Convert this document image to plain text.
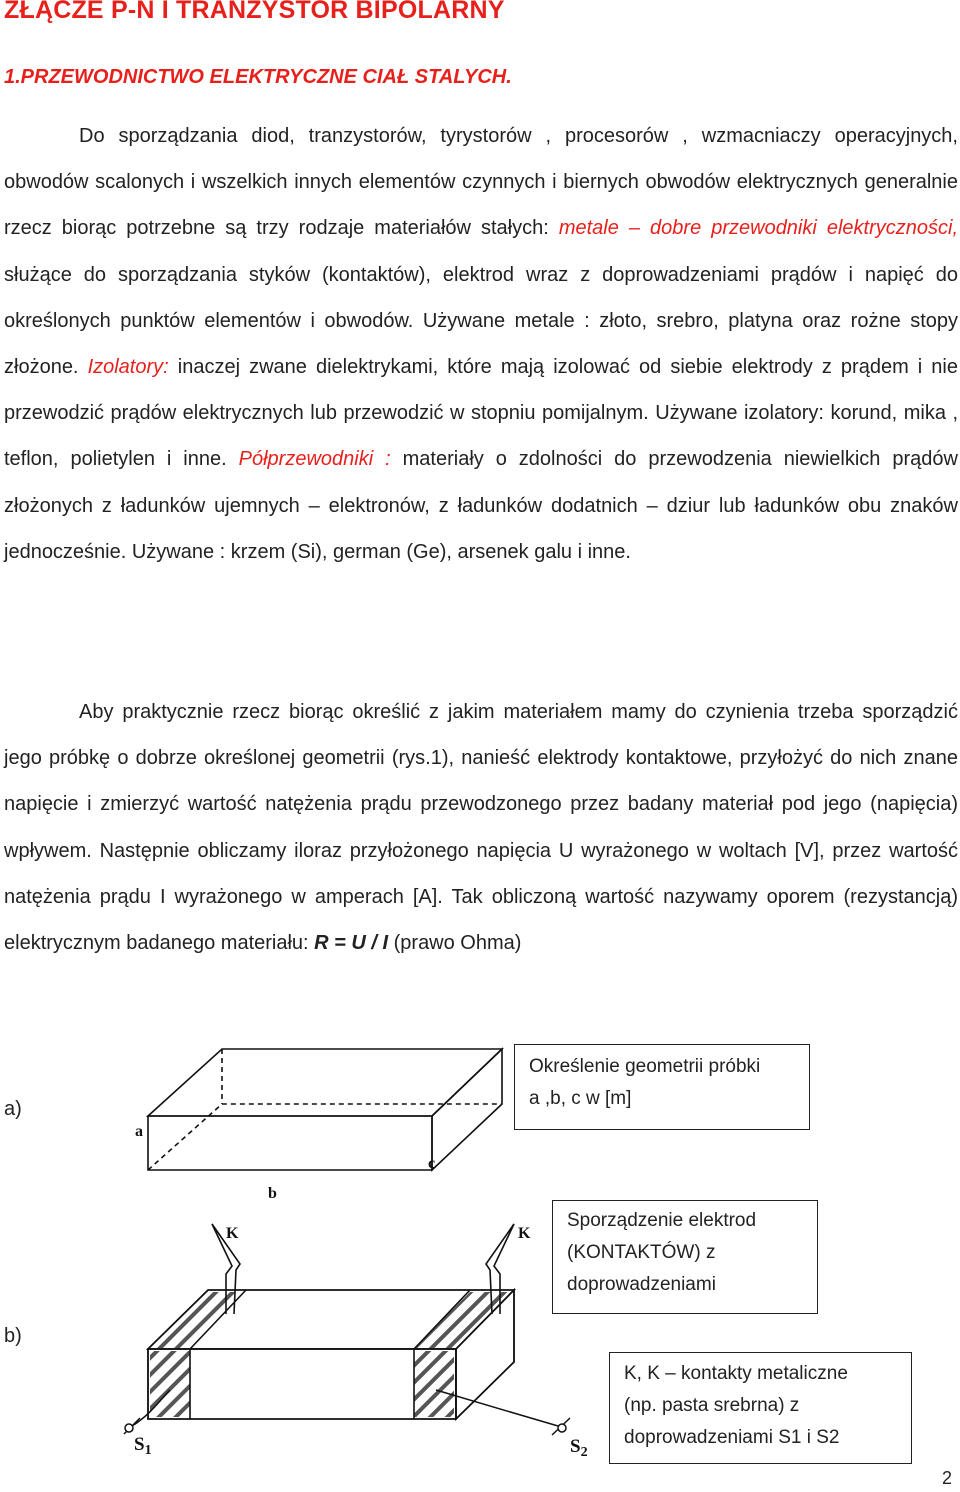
ZŁĄCZE P-N I TRANZYSTOR BIPOLARNY
1.PRZEWODNICTWO ELEKTRYCZNE CIAŁ STALYCH.
Do sporządzania diod, tranzystorów, tyrystorów , procesorów , wzmacniaczy operacyjnych, obwodów scalonych i wszelkich innych elementów czynnych i biernych obwodów elektrycznych generalnie rzecz biorąc potrzebne są trzy rodzaje materiałów stałych: metale – dobre przewodniki elektryczności, służące do sporządzania styków (kontaktów), elektrod wraz z doprowadzeniami prądów i napięć do określonych punktów elementów i obwodów. Używane metale : złoto, srebro, platyna oraz rożne stopy złożone. Izolatory: inaczej zwane dielektrykami, które mają izolować od siebie elektrody z prądem i nie przewodzić prądów elektrycznych lub przewodzić w stopniu pomijalnym. Używane izolatory: korund, mika , teflon, polietylen i inne. Półprzewodniki : materiały o zdolności do przewodzenia niewielkich prądów złożonych z ładunków ujemnych – elektronów, z ładunków dodatnich – dziur lub ładunków obu znaków jednocześnie. Używane : krzem (Si), german (Ge), arsenek galu i inne.
Aby praktycznie rzecz biorąc określić z jakim materiałem mamy do czynienia trzeba sporządzić jego próbkę o dobrze określonej geometrii (rys.1), nanieść elektrody kontaktowe, przyłożyć do nich znane napięcie i zmierzyć wartość natężenia prądu przewodzonego przez badany materiał pod jego (napięcia) wpływem. Następnie obliczamy iloraz przyłożonego napięcia U wyrażonego w woltach [V], przez wartość natężenia prądu I wyrażonego w amperach [A]. Tak obliczoną wartość nazywamy oporem (rezystancją) elektrycznym badanego materiału: R = U / I (prawo Ohma)
a)
b)
a
b
c
K	K
$S_1$	$S_2$
Określenie geometrii próbki
a ,b, c w [m]
Sporządzenie elektrod
(KONTAKTÓW) z
doprowadzeniami
K, K – kontakty metaliczne
(np. pasta srebrna) z
doprowadzeniami S1 i S2
2
